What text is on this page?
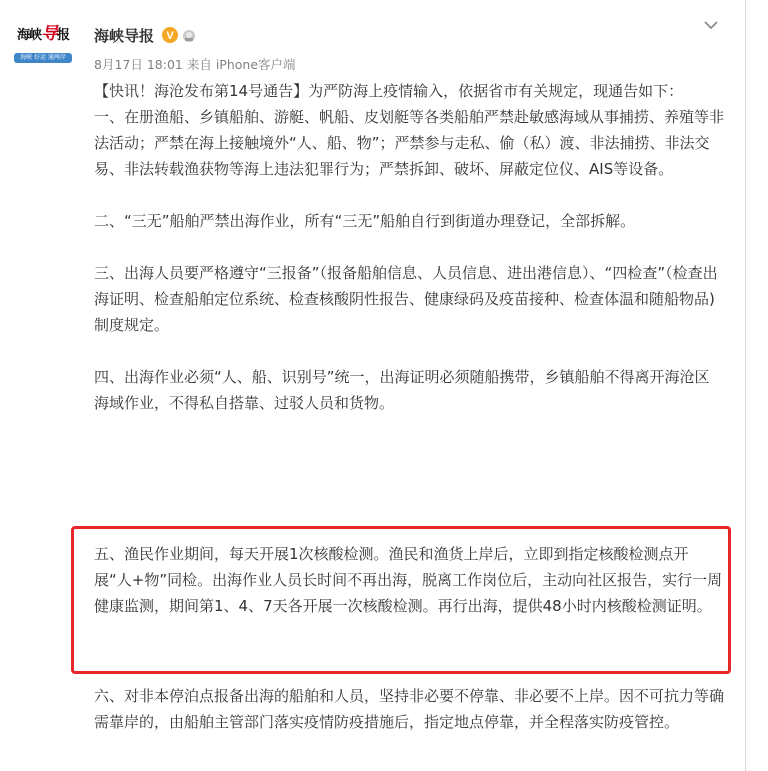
海峡导报
海峡 好运 通两岸
海峡导报 V
8月17日 18:01 来自 iPhone客户端

【快讯！海沧发布第14号通告】为严防海上疫情输入，依据省市有关规定，现通告如下：

一、在册渔船、乡镇船舶、游艇、帆船、皮划艇等各类船舶严禁赴敏感海域从事捕捞、养殖等非法活动；严禁在海上接触境外“人、船、物”；严禁参与走私、偷（私）渡、非法捕捞、非法交易、非法转载渔获物等海上违法犯罪行为；严禁拆卸、破坏、屏蔽定位仪、AIS等设备。

二、“三无”船舶严禁出海作业，所有“三无”船舶自行到街道办理登记，全部拆解。

三、出海人员要严格遵守“三报备”（报备船舶信息、人员信息、进出港信息）、“四检查”（检查出海证明、检查船舶定位系统、检查核酸阴性报告、健康绿码及疫苗接种、检查体温和随船物品)制度规定。

四、出海作业必须“人、船、识别号”统一，出海证明必须随船携带，乡镇船舶不得离开海沧区海域作业，不得私自搭靠、过驳人员和货物。

五、渔民作业期间，每天开展1次核酸检测。渔民和渔货上岸后，立即到指定核酸检测点开展“人+物”同检。出海作业人员长时间不再出海，脱离工作岗位后，主动向社区报告，实行一周健康监测，期间第1、4、7天各开展一次核酸检测。再行出海，提供48小时内核酸检测证明。

六、对非本停泊点报备出海的船舶和人员，坚持非必要不停靠、非必要不上岸。因不可抗力等确需靠岸的，由船舶主管部门落实疫情防疫措施后，指定地点停靠，并全程落实防疫管控。
